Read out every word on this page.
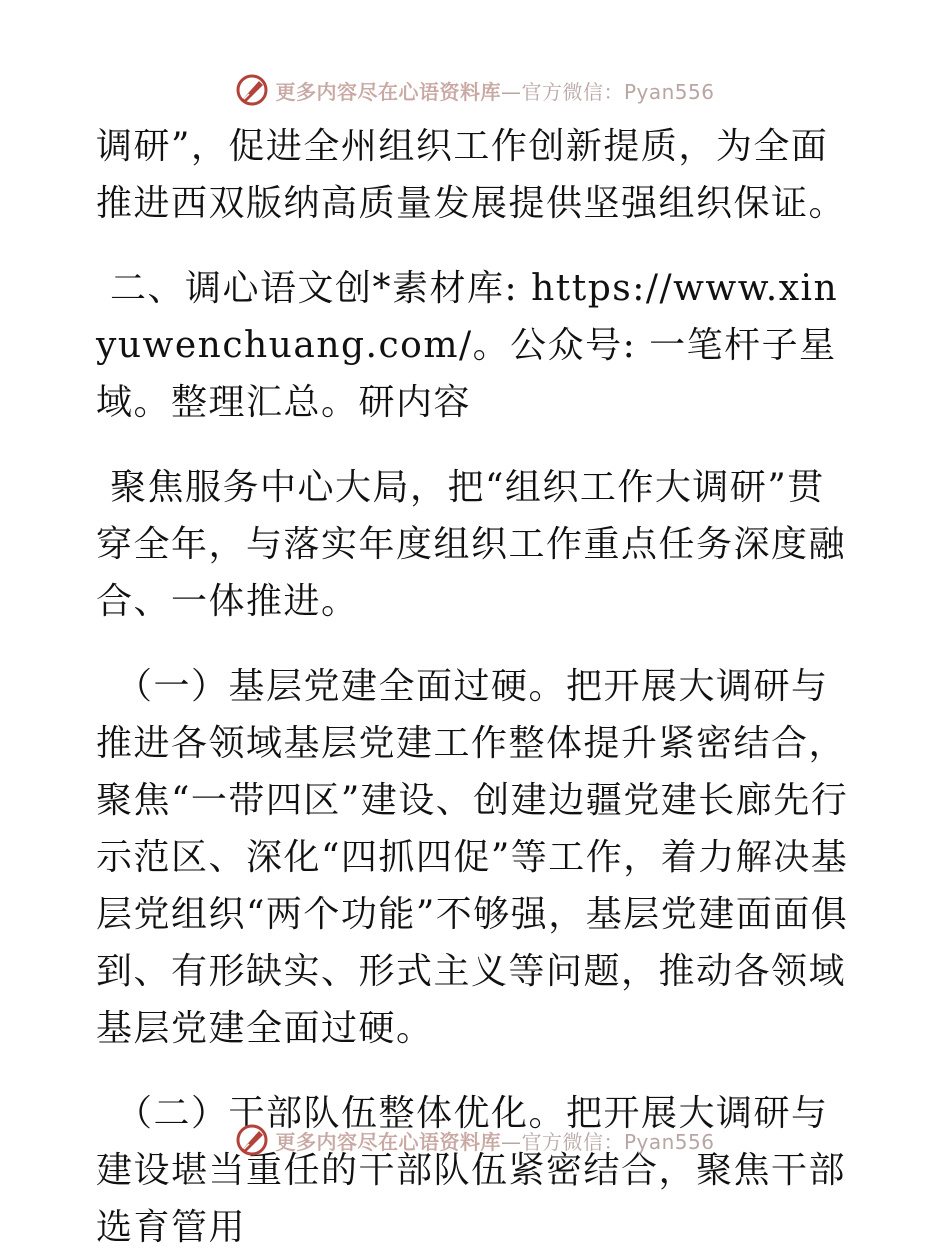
更多内容尽在心语资料库—官方微信：Pyan556

调研”，促进全州组织工作创新提质，为全面推进西双版纳高质量发展提供坚强组织保证。

二、调心语文创*素材库: https://www.xinyuwenchuang.com/。公众号: 一笔杆子星域。整理汇总。研内容

聚焦服务中心大局，把“组织工作大调研”贯穿全年，与落实年度组织工作重点任务深度融合、一体推进。

（一）基层党建全面过硬。把开展大调研与推进各领域基层党建工作整体提升紧密结合，聚焦“一带四区”建设、创建边疆党建长廊先行示范区、深化“四抓四促”等工作，着力解决基层党组织“两个功能”不够强，基层党建面面俱到、有形缺实、形式主义等问题，推动各领域基层党建全面过硬。

（二）干部队伍整体优化。把开展大调研与建设堪当重任的干部队伍紧密结合，聚焦干部选育管用

更多内容尽在心语资料库—官方微信：Pyan556
